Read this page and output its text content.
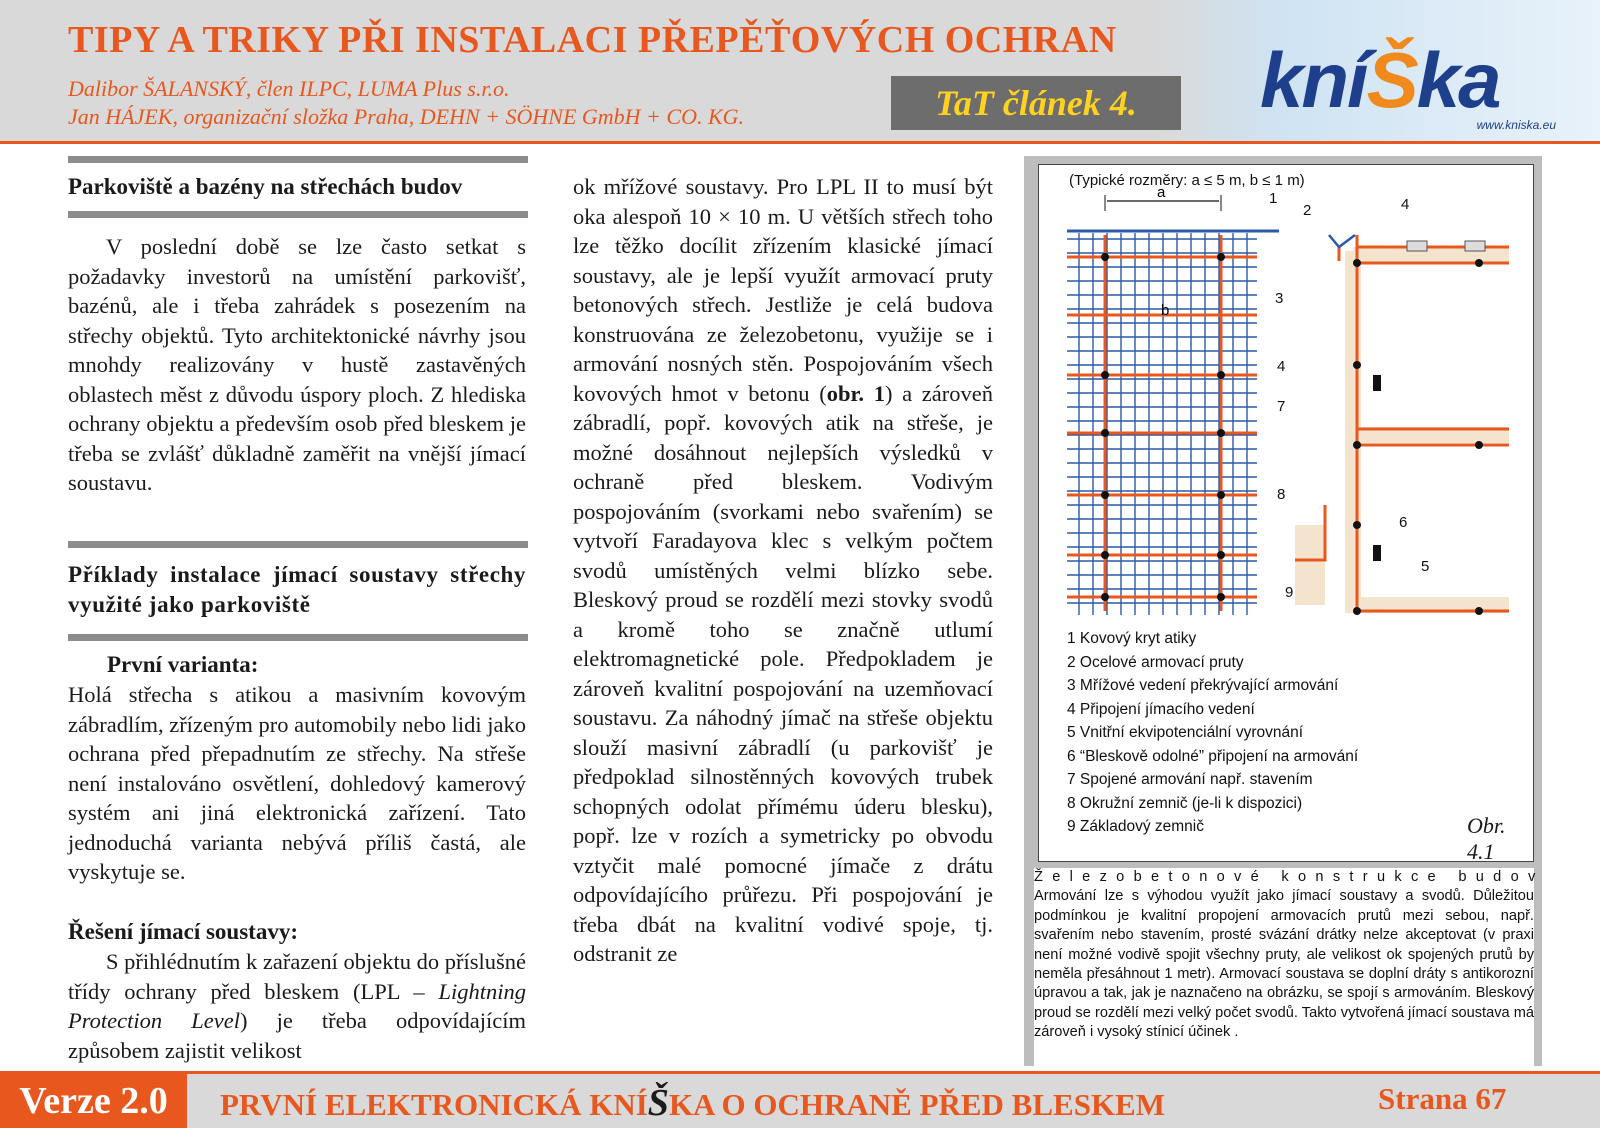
TIPY A TRIKY PŘI INSTALACI PŘEPĚŤOVÝCH OCHRAN
Dalibor ŠALANSKÝ, člen ILPC, LUMA Plus s.r.o.
Jan HÁJEK, organizační složka Praha, DEHN + SÖHNE GmbH + CO. KG.	TaT článek 4.	kníŠka
www.kniska.eu
Parkoviště a bazény na střechách budov

V poslední době se lze často setkat s požadavky investorů na umístění parkovišť, bazénů, ale i třeba zahrádek s posezením na střechy objektů. Tyto architektonické návrhy jsou mnohdy realizovány v hustě zastavěných oblastech měst z důvodu úspory ploch. Z hlediska ochrany objektu a především osob před bleskem je třeba se zvlášť důkladně zaměřit na vnější jímací soustavu.

Příklady instalace jímací soustavy střechy využité jako parkoviště
První varianta:

Holá střecha s atikou a masivním kovovým zábradlím, zřízeným pro automobily nebo lidi jako ochrana před přepadnutím ze střechy. Na střeše není instalováno osvětlení, dohledový kamerový systém ani jiná elektronická zařízení. Tato jednoduchá varianta nebývá příliš častá, ale vyskytuje se.

Řešení jímací soustavy:

S přihlédnutím k zařazení objektu do příslušné třídy ochrany před bleskem (LPL – Lightning Protection Level) je třeba odpovídajícím způsobem zajistit velikost

ok mřížové soustavy. Pro LPL II to musí být oka alespoň 10 × 10 m. U větších střech toho lze těžko docílit zřízením klasické jímací soustavy, ale je lepší využít armovací pruty betonových střech. Jestliže je celá budova konstruována ze železobetonu, využije se i armování nosných stěn. Pospojováním všech kovových hmot v betonu (obr. 1) a zároveň zábradlí, popř. kovových atik na střeše, je možné dosáhnout nejlepších výsledků v ochraně před bleskem. Vodivým pospojováním (svorkami nebo svařením) se vytvoří Faradayova klec s velkým počtem svodů umístěných velmi blízko sebe. Bleskový proud se rozdělí mezi stovky svodů a kromě toho se značně utlumí elektromagnetické pole. Předpokladem je zároveň kvalitní pospojování na uzemňovací soustavu. Za náhodný jímač na střeše objektu slouží masivní zábradlí (u parkovišť je předpoklad silnostěnných kovových trubek schopných odolat přímému úderu blesku), popř. lze v rozích a symetricky po obvodu vztyčit malé pomocné jímače z drátu odpovídajícího průřezu. Při pospojování je třeba dbát na kvalitní vodivé spoje, tj. odstranit ze

(Typické rozměry: a ≤ 5 m, b ≤ 1 m)
a
b
1
2
3
4
4
6
7
8
9
5
1 Kovový kryt atiky
2 Ocelové armovací pruty
3 Mřížové vedení překrývající armování
4 Připojení jímacího vedení
5 Vnitřní ekvipotenciální vyrovnání
6 “Bleskově odolné” připojení na armování
7 Spojené armování např. stavením
8 Okružní zemnič (je-li k dispozici)
9 Základový zemnič	Obr. 4.1
Železobetonové konstrukce budov
Armování lze s výhodou využít jako jímací soustavy a svodů. Důležitou podmínkou je kvalitní propojení armovacích prutů mezi sebou, např. svařením nebo stavením, prosté svázání drátky nelze akceptovat (v praxi není možné vodivě spojit všechny pruty, ale velikost ok spojených prutů by neměla přesáhnout 1 metr). Armovací soustava se doplní dráty s antikorozní úpravou a tak, jak je naznačeno na obrázku, se spojí s armováním. Bleskový proud se rozdělí mezi velký počet svodů. Takto vytvořená jímací soustava má zároveň i vysoký stínicí účinek .
Verze 2.0	PRVNÍ ELEKTRONICKÁ KNÍŠKA O OCHRANĚ PŘED BLESKEM	Strana 67
